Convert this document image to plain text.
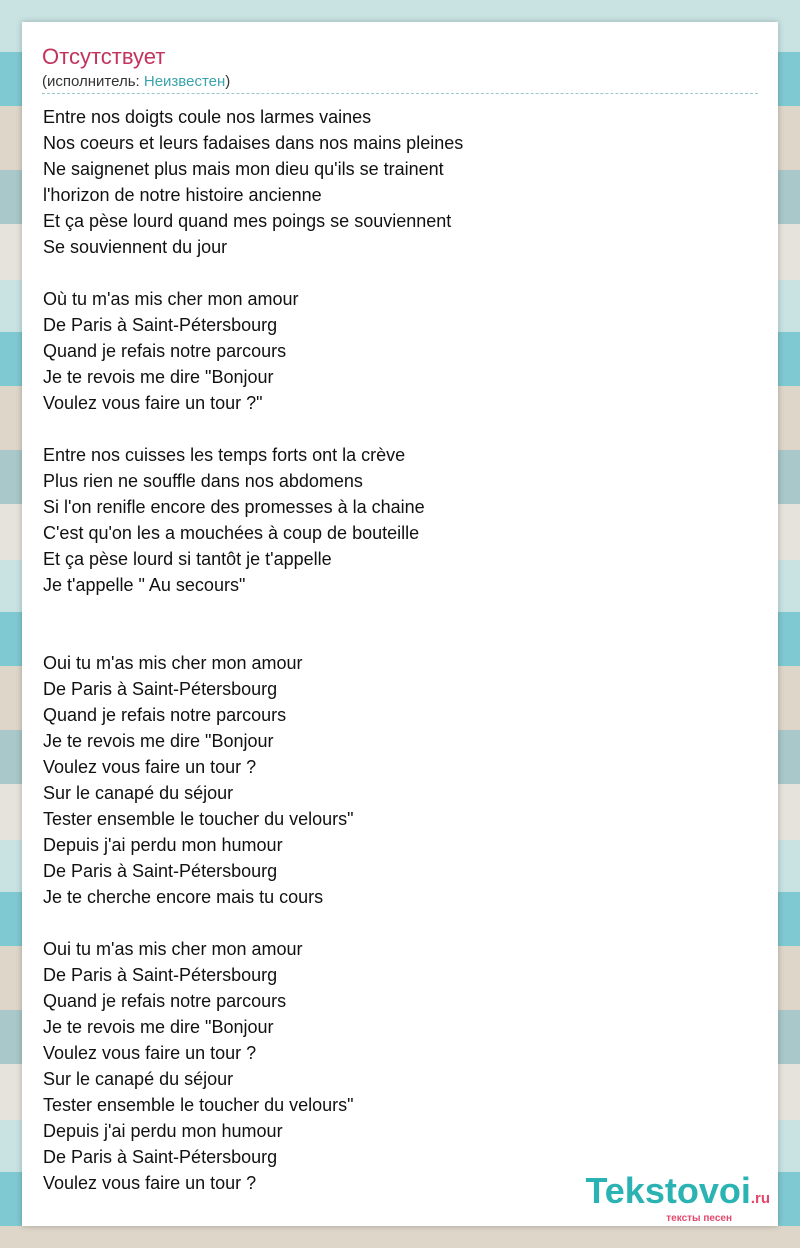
Отсутствует
(исполнитель: Неизвестен)
Entre nos doigts coule nos larmes vaines
Nos coeurs et leurs fadaises dans nos mains pleines
Ne saignenet plus mais mon dieu qu'ils se trainent
l'horizon de notre histoire ancienne
Et ça pèse lourd quand mes poings se souviennent
Se souviennent du jour
Où tu m'as mis cher mon amour
De Paris à Saint-Pétersbourg
Quand je refais notre parcours
Je te revois me dire "Bonjour
Voulez vous faire un tour ?"
Entre nos cuisses les temps forts ont la crève
Plus rien ne souffle dans nos abdomens
Si l'on renifle encore des promesses à la chaine
C'est qu'on les a mouchées à coup de bouteille
Et ça pèse lourd si tantôt je t'appelle
Je t'appelle " Au secours"
Oui tu m'as mis cher mon amour
De Paris à Saint-Pétersbourg
Quand je refais notre parcours
Je te revois me dire "Bonjour
Voulez vous faire un tour ?
Sur le canapé du séjour
Tester ensemble le toucher du velours"
Depuis j'ai perdu mon humour
De Paris à Saint-Pétersbourg
Je te cherche encore mais tu cours
Oui tu m'as mis cher mon amour
De Paris à Saint-Pétersbourg
Quand je refais notre parcours
Je te revois me dire "Bonjour
Voulez vous faire un tour ?
Sur le canapé du séjour
Tester ensemble le toucher du velours"
Depuis j'ai perdu mon humour
De Paris à Saint-Pétersbourg
Voulez vous faire un tour ?	Tekstovoi.ru
тексты песен
